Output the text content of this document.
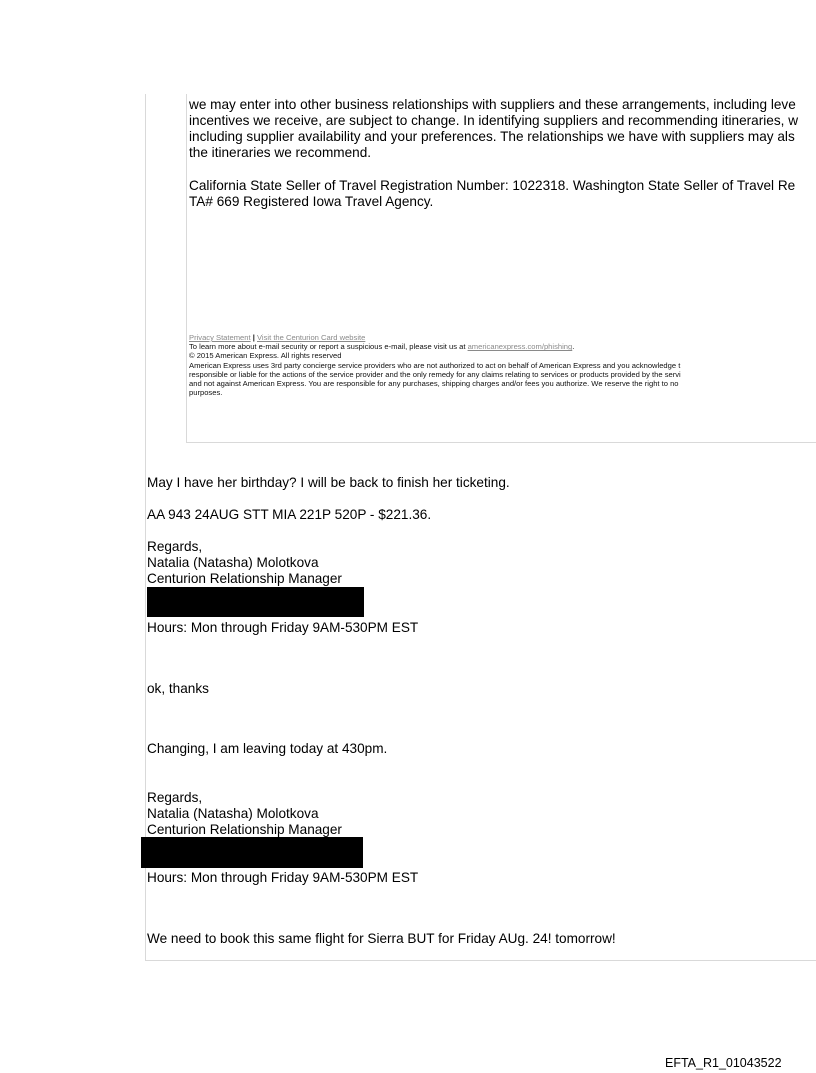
we may enter into other business relationships with suppliers and these arrangements, including leve
incentives we receive, are subject to change. In identifying suppliers and recommending itineraries, w
including supplier availability and your preferences. The relationships we have with suppliers may als
the itineraries we recommend.
California State Seller of Travel Registration Number: 1022318. Washington State Seller of Travel Re
TA# 669 Registered Iowa Travel Agency.
Privacy Statement | Visit the Centurion Card website
To learn more about e-mail security or report a suspicious e-mail, please visit us at americanexpress.com/phishing.
© 2015 American Express. All rights reserved
American Express uses 3rd party concierge service providers who are not authorized to act on behalf of American Express and you acknowledge t
responsible or liable for the actions of the service provider and the only remedy for any claims relating to services or products provided by the servi
and not against American Express. You are responsible for any purchases, shipping charges and/or fees you authorize. We reserve the right to no
purposes.
May I have her birthday? I will be back to finish her ticketing.
AA 943 24AUG STT MIA 221P 520P - $221.36.
Regards,
Natalia (Natasha) Molotkova
Centurion Relationship Manager
Hours: Mon through Friday 9AM-530PM EST
ok, thanks
Changing, I am leaving today at 430pm.
Regards,
Natalia (Natasha) Molotkova
Centurion Relationship Manager
Hours: Mon through Friday 9AM-530PM EST
We need to book this same flight for Sierra BUT for Friday AUg. 24! tomorrow!
EFTA_R1_01043522
